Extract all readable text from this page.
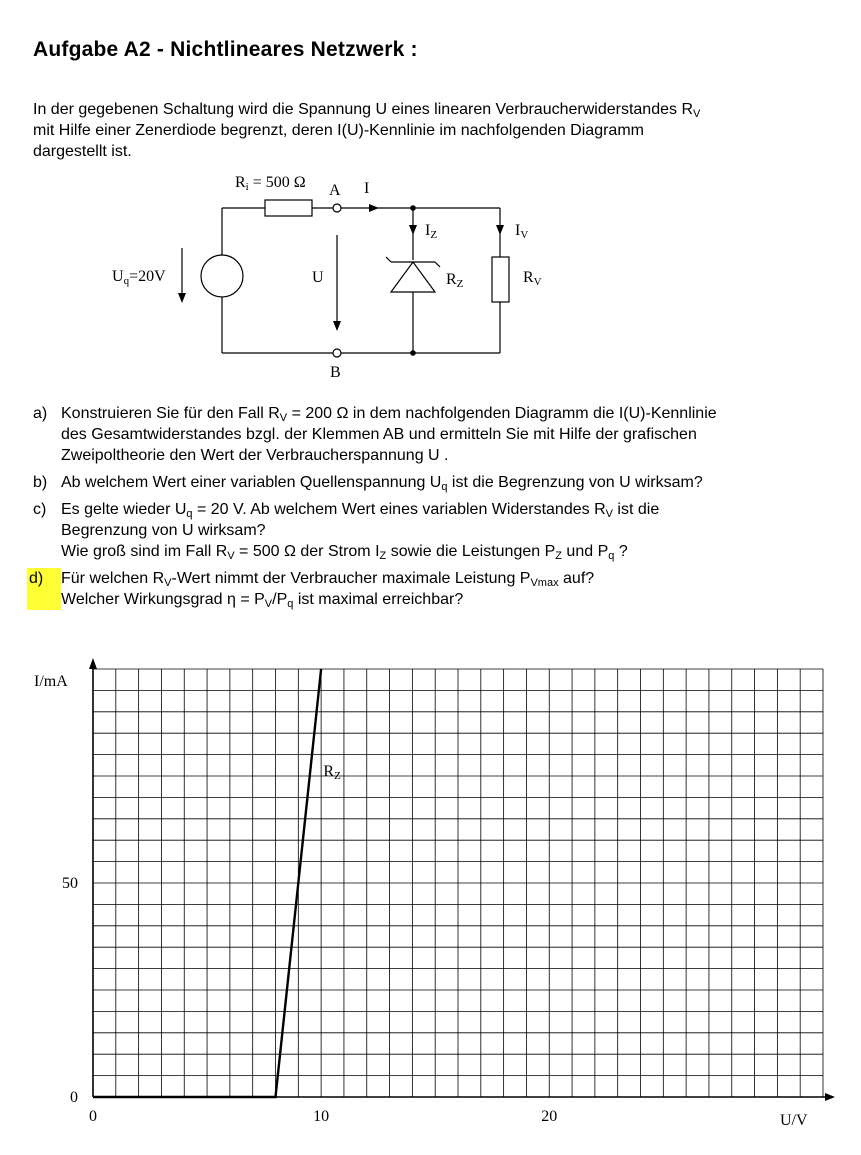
Aufgabe A2 - Nichtlineares Netzwerk :
In der gegebenen Schaltung wird die Spannung U eines linearen Verbraucherwiderstandes $R_V$
mit Hilfe einer Zenerdiode begrenzt, deren I(U)-Kennlinie im nachfolgenden Diagramm
dargestellt ist.
Ri = 500 Ω A I
Uq=20V	U
IZ
RZ
IV
RV
B
a) Konstruieren Sie für den Fall $R_V = 200$ Ω in dem nachfolgenden Diagramm die I(U)-Kennlinie
des Gesamtwiderstandes bzgl. der Klemmen AB und ermitteln Sie mit Hilfe der grafischen
Zweipoltheorie den Wert der Verbraucherspannung U .
b) Ab welchem Wert einer variablen Quellenspannung $U_q$ ist die Begrenzung von U wirksam?
c) Es gelte wieder $U_q = 20$ V. Ab welchem Wert eines variablen Widerstandes $R_V$ ist die
Begrenzung von U wirksam?
Wie groß sind im Fall $R_V = 500$ Ω der Strom $I_Z$ sowie die Leistungen $P_Z$ und $P_q$ ?
d)	Für welchen $R_V$-Wert nimmt der Verbraucher maximale Leistung $P_{Vmax}$ auf?
Welcher Wirkungsgrad $\eta = P_V/P_q$ ist maximal erreichbar?
0	10	20
0
50
RZ
I/mA
U/V
